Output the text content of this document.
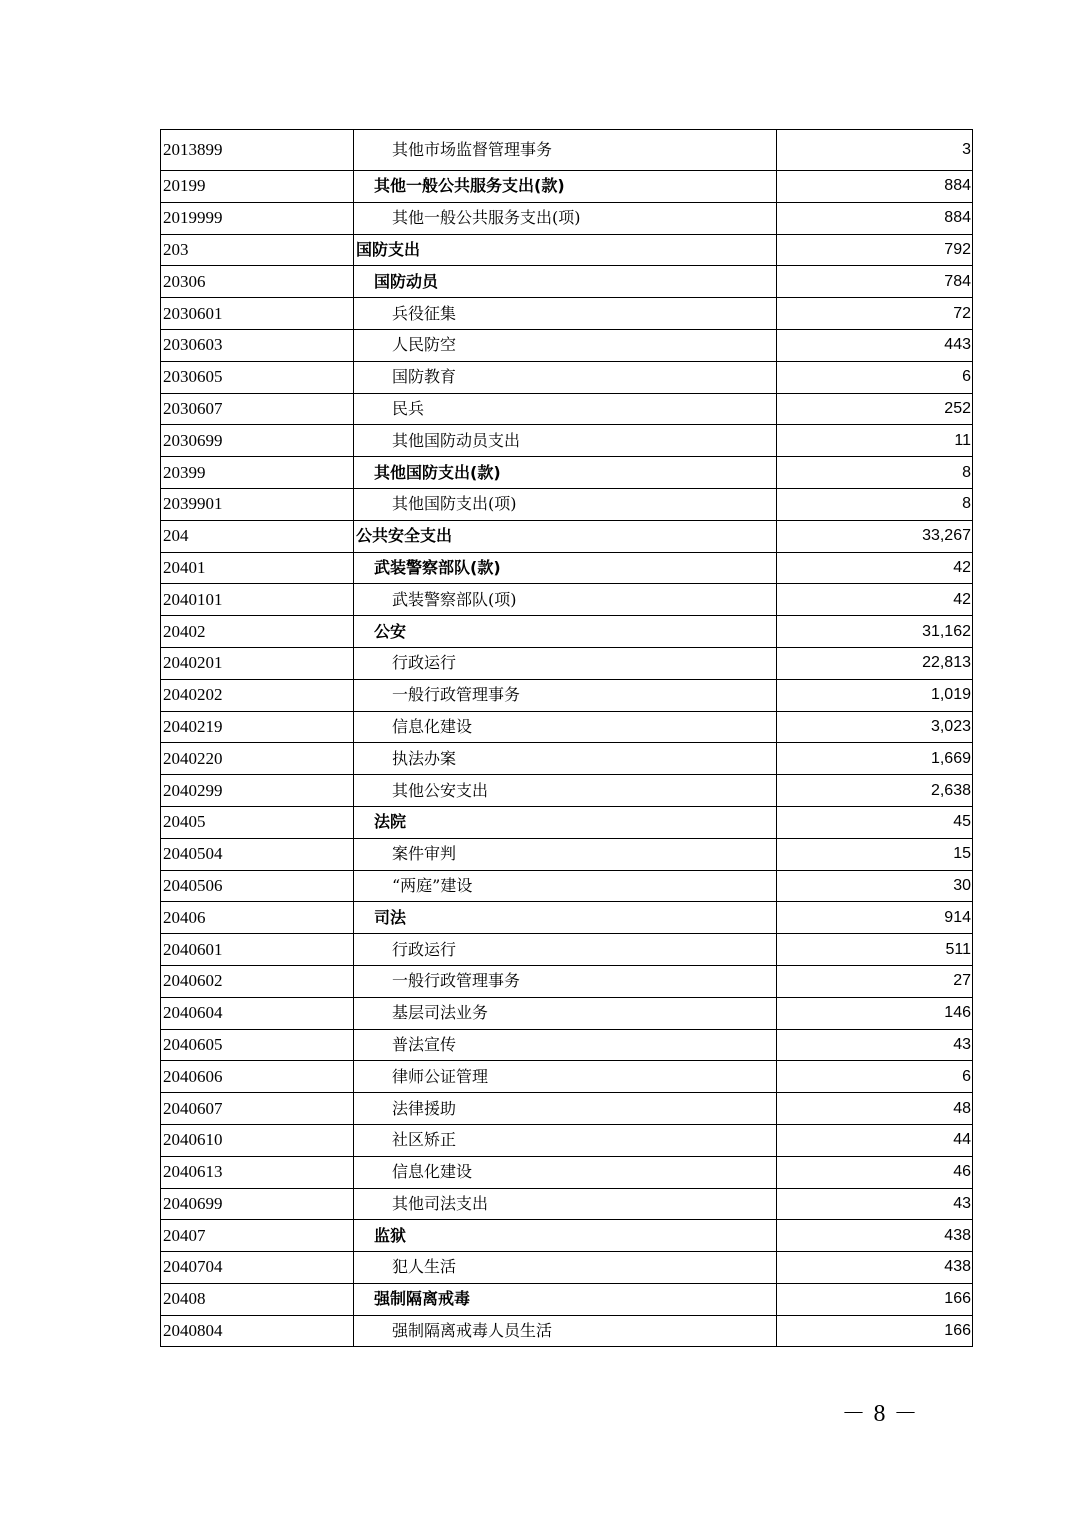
2013899	其他市场监督管理事务	3
20199	其他一般公共服务支出(款)	884
2019999	其他一般公共服务支出(项)	884
203	国防支出	792
20306	国防动员	784
2030601	兵役征集	72
2030603	人民防空	443
2030605	国防教育	6
2030607	民兵	252
2030699	其他国防动员支出	11
20399	其他国防支出(款)	8
2039901	其他国防支出(项)	8
204	公共安全支出	33,267
20401	武装警察部队(款)	42
2040101	武装警察部队(项)	42
20402	公安	31,162
2040201	行政运行	22,813
2040202	一般行政管理事务	1,019
2040219	信息化建设	3,023
2040220	执法办案	1,669
2040299	其他公安支出	2,638
20405	法院	45
2040504	案件审判	15
2040506	“两庭”建设	30
20406	司法	914
2040601	行政运行	511
2040602	一般行政管理事务	27
2040604	基层司法业务	146
2040605	普法宣传	43
2040606	律师公证管理	6
2040607	法律援助	48
2040610	社区矫正	44
2040613	信息化建设	46
2040699	其他司法支出	43
20407	监狱	438
2040704	犯人生活	438
20408	强制隔离戒毒	166
2040804	强制隔离戒毒人员生活	166
－ 8 －
